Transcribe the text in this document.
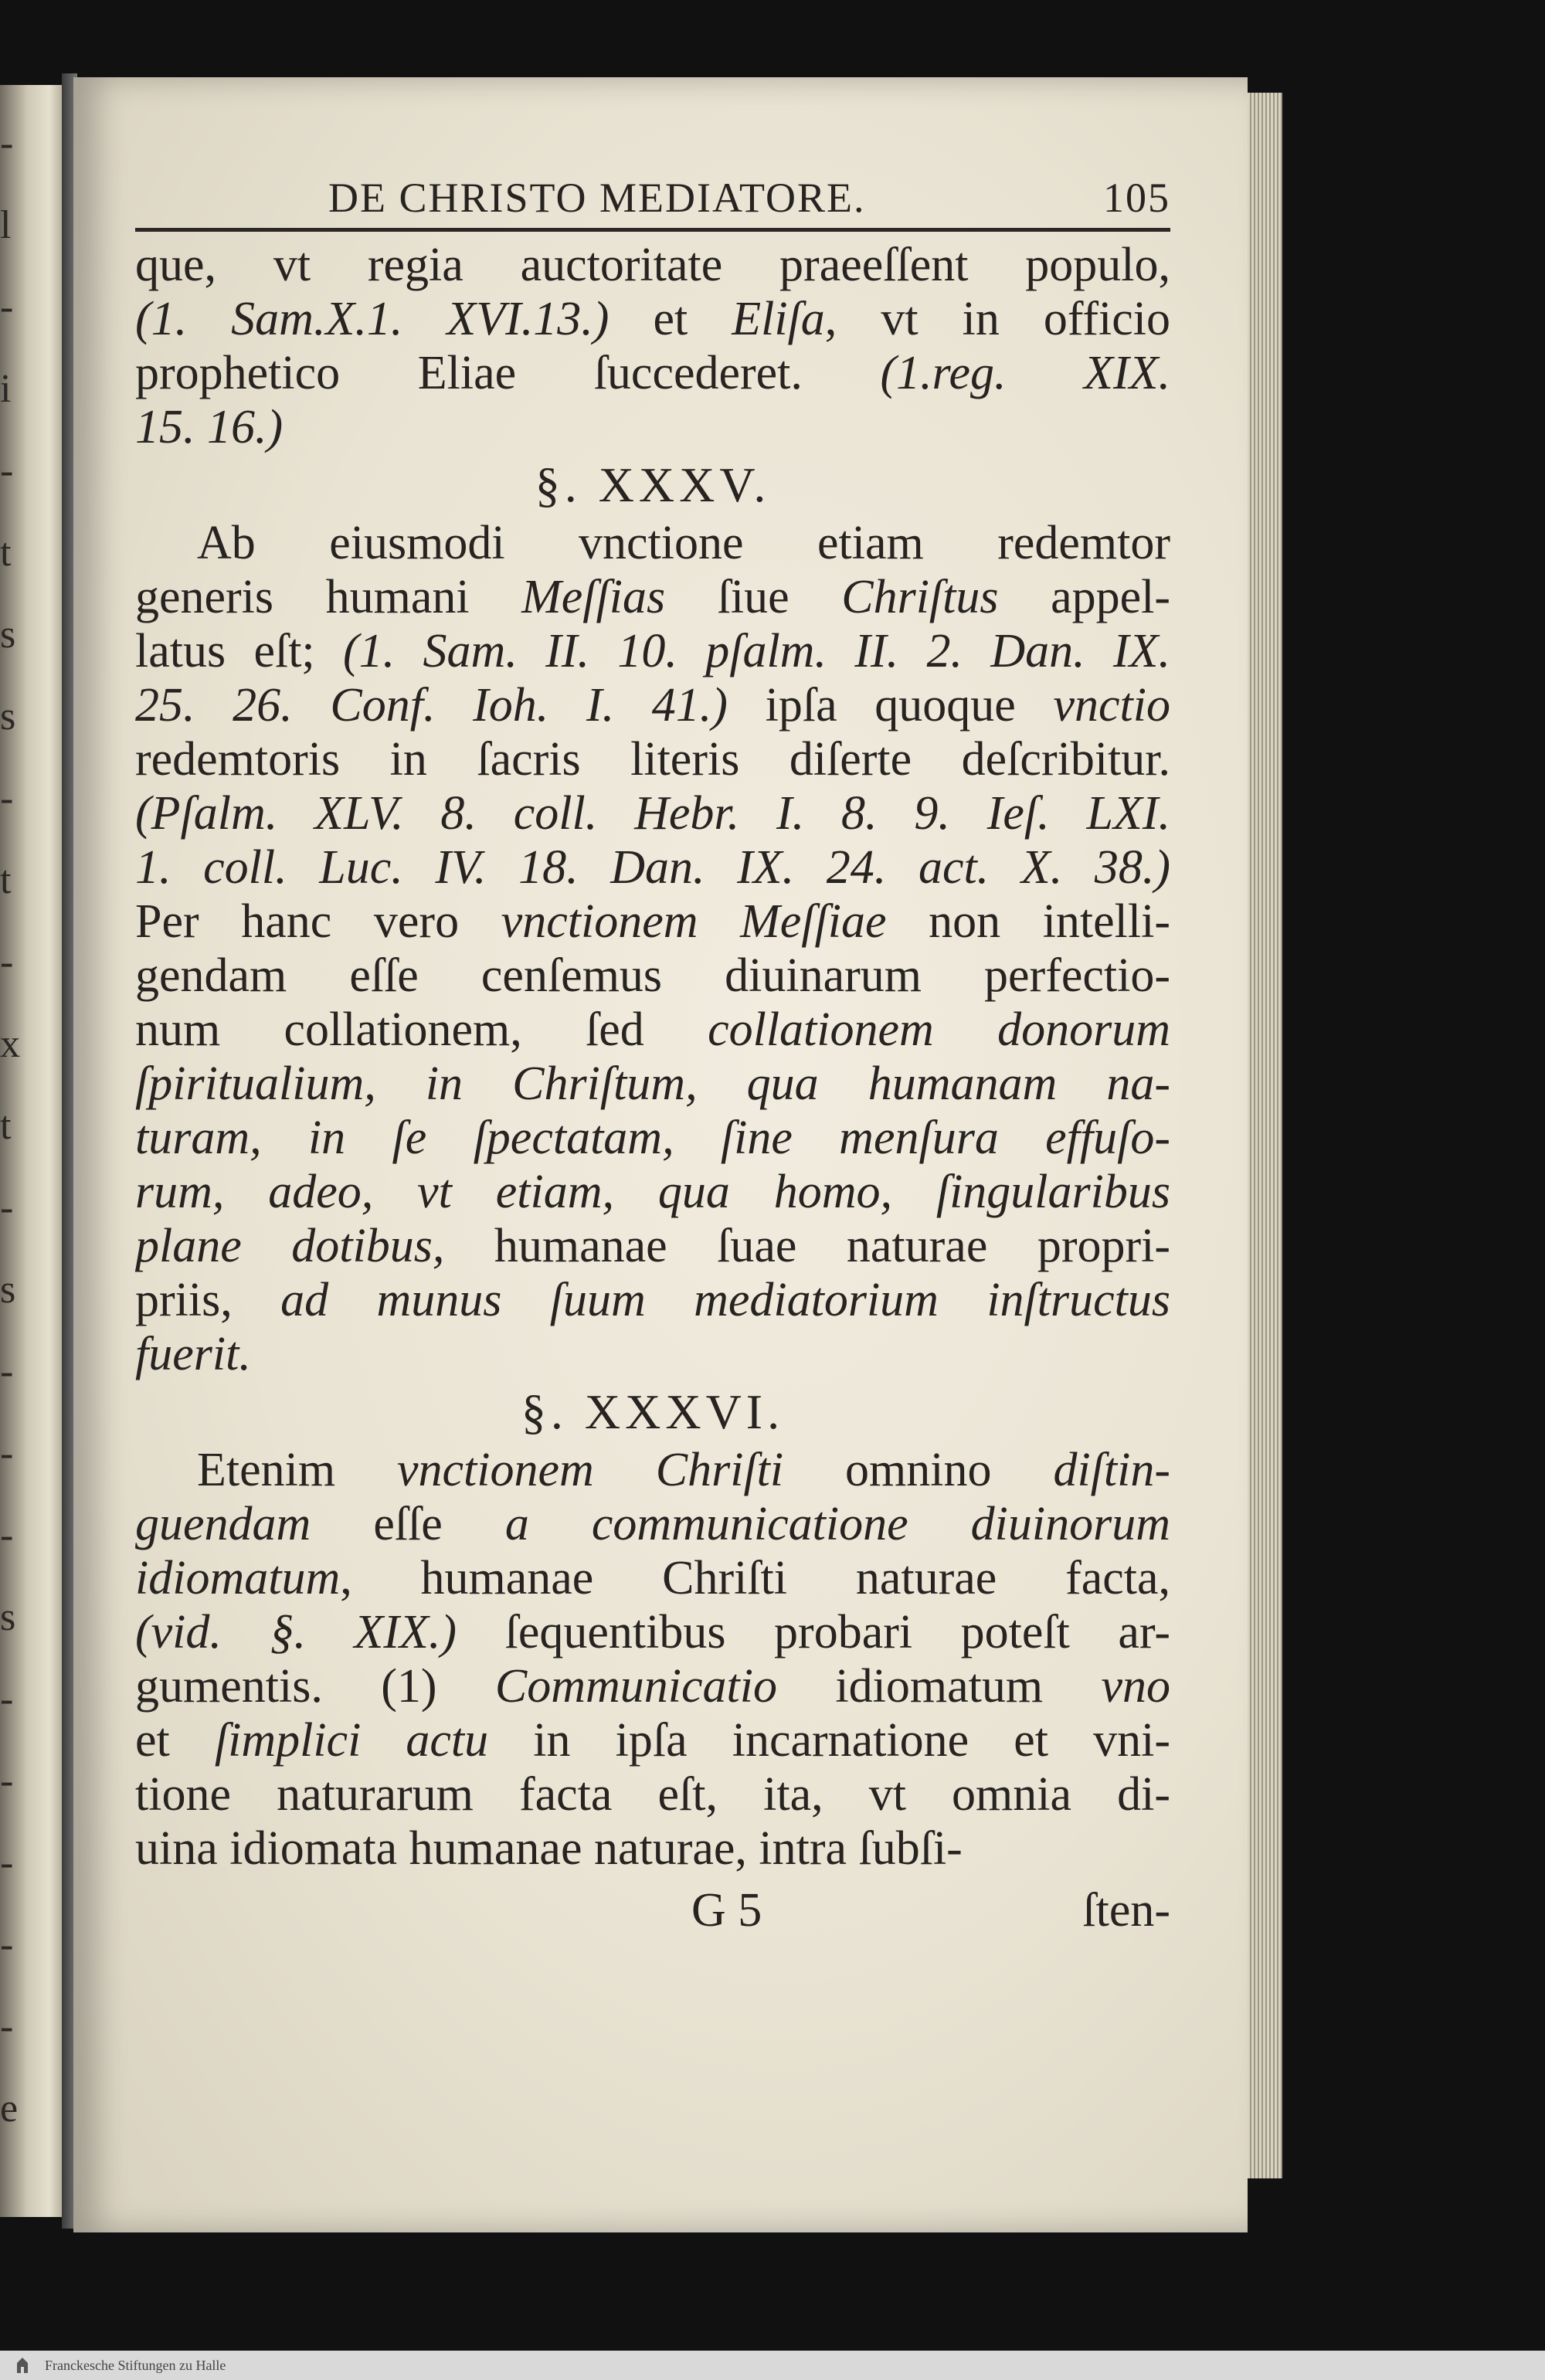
-
l
-
i
-
t
s
s
-
t
-
x
t
-
s
-
-
-
s
-
-
-
-
-
e
DE CHRISTO MEDIATORE.	105
que, vt regia auctoritate praeeſſent populo,
(1. Sam.X.1. XVI.13.) et Eliſa, vt in officio
prophetico Eliae ſuccederet. (1.reg. XIX.
15. 16.)
§. XXXV.
Ab eiusmodi vnctione etiam redemtor
generis humani Meſſias ſiue Chriſtus appel-
latus eſt; (1. Sam. II. 10. pſalm. II. 2. Dan. IX.
25. 26. Conf. Ioh. I. 41.) ipſa quoque vnctio
redemtoris in ſacris literis diſerte deſcribitur.
(Pſalm. XLV. 8. coll. Hebr. I. 8. 9. Ieſ. LXI.
1. coll. Luc. IV. 18. Dan. IX. 24. act. X. 38.)
Per hanc vero vnctionem Meſſiae non intelli-
gendam eſſe cenſemus diuinarum perfectio-
num collationem, ſed collationem donorum
ſpiritualium, in Chriſtum, qua humanam na-
turam, in ſe ſpectatam, ſine menſura effuſo-
rum, adeo, vt etiam, qua homo, ſingularibus
plane dotibus, humanae ſuae naturae propri-
priis, ad munus ſuum mediatorium inſtructus
fuerit.
§. XXXVI.
Etenim vnctionem Chriſti omnino diſtin-
guendam eſſe a communicatione diuinorum
idiomatum, humanae Chriſti naturae facta,
(vid. §. XIX.) ſequentibus probari poteſt ar-
gumentis. (1) Communicatio idiomatum vno
et ſimplici actu in ipſa incarnatione et vni-
tione naturarum facta eſt, ita, vt omnia di-
uina idiomata humanae naturae, intra ſubſi-
G 5	ſten-
Franckesche Stiftungen zu Halle
